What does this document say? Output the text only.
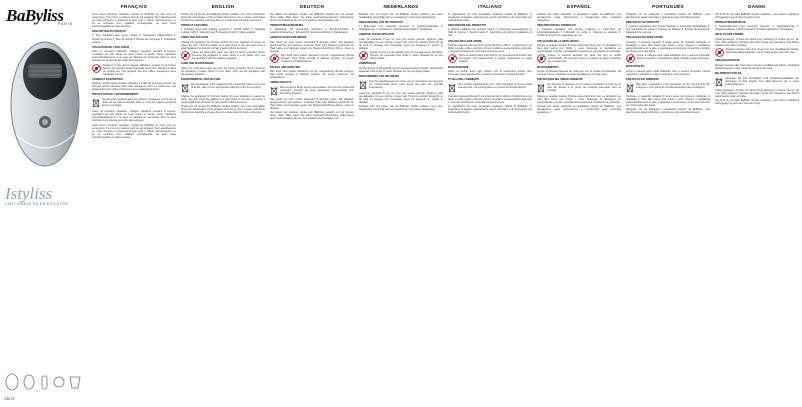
BaByliss
PARIS
Istyliss
LADY SHAVE PILES EPILATOR
G817E
FRANÇAIS

Vous venez d'acheter l'épilateur Istyliss de BaByliss et nous vous en remercions. Pour tirer le meilleur parti de cet appareil, lisez attentivement ce mode d'emploi et conservez-le pour vous y référer ultérieurement. Le kit se compose d'un épilateur rechargeable, de deux têtes interchangeables et d'accessoires.

DESCRIPTION DU PRODUIT

1. Tête d'épilation avec pince rotative 2. Interrupteur Marche/Arrêt 3. Voyant de charge 4. Tête de rasage 5. Brosse de nettoyage 6. Adaptateur secteur

UTILISATION DE L'ÉPILATEUR

Avant la première utilisation, chargez l'appareil pendant 8 heures. L'épilation est plus facile sur peau propre et sèche. Tenez l'épilateur perpendiculairement à la peau et déplacez-le lentement dans le sens contraire de la pousse des poils sans appuyer.

Nettoyez la tête après chaque utilisation à l'aide de la brosse fournie. Ne plongez jamais l'appareil dans l'eau. Rangez-le dans un endroit sec. Cet appareil doit être utilisé uniquement avec l'adaptateur fourni.

CONSEILS D'ENTRETIEN

Nettoyez la tête après chaque utilisation à l'aide de la brosse fournie. Ne plongez jamais l'appareil dans l'eau. Rangez-le dans un endroit sec. Cet appareil doit être utilisé uniquement avec l'adaptateur fourni.

PROTECTION DE L'ENVIRONNEMENT

Ne pas jeter l'appareil avec les ordures ménagères à la fin de sa durée de vie mais le déposer dans un point de collecte approprié pour le recyclage.

Avant la première utilisation, chargez l'appareil pendant 8 heures. L'épilation est plus facile sur peau propre et sèche. Tenez l'épilateur perpendiculairement à la peau et déplacez-le lentement dans le sens contraire de la pousse des poils sans appuyer.

Vous venez d'acheter l'épilateur Istyliss de BaByliss et nous vous en remercions. Pour tirer le meilleur parti de cet appareil, lisez attentivement ce mode d'emploi et conservez-le pour vous y référer ultérieurement. Le kit se compose d'un épilateur rechargeable, de deux têtes interchangeables et d'accessoires.

ENGLISH

Thank you for buying the BaByliss Istyliss epilator. For more information about the advantages of this product and how to use it, please read these instructions carefully and keep them in a safe place for future reference.

PRODUCT FEATURES

1. Epilating head with rotating tweezers 2. On/Off switch 3. Charging indicator light 4. Shaving head 5. Cleaning brush 6. Mains adaptor

USING THE EPILATOR

Charge the appliance for 8 hours before first use. Epilation is easier on clean, dry skin. Hold the epilator at a right angle to the skin and move it slowly against the direction of hair growth without pressing.

Clean the head after each use with the brush provided. Never immerse the appliance in water. Store in a dry place. Only use the appliance with the adaptor supplied.

CARE AND MAINTENANCE

Clean the head after each use with the brush provided. Never immerse the appliance in water. Store in a dry place. Only use the appliance with the adaptor supplied.

ENVIRONMENTAL PROTECTION

Do not dispose of the appliance with household waste at the end of its life; take it to an appropriate collection point for recycling.

Charge the appliance for 8 hours before first use. Epilation is easier on clean, dry skin. Hold the epilator at a right angle to the skin and move it slowly against the direction of hair growth without pressing.

Thank you for buying the BaByliss Istyliss epilator. For more information about the advantages of this product and how to use it, please read these instructions carefully and keep them in a safe place for future reference.

DEUTSCH

Sie haben den Epilierer Istyliss von BaByliss gekauft und wir danken Ihnen dafür. Bitte lesen Sie diese Gebrauchsanweisung aufmerksam durch und bewahren Sie sie zum späteren Nachschlagen auf.

PRODUKTBESCHREIBUNG

1. Epilierkopf mit rotierenden Pinzetten 2. Ein/Aus-Schalter 3. Ladekontrollleuchte 4. Scherkopf 5. Reinigungsbürste 6. Netzadapter

GEBRAUCH DES EPILIERERS

Das Gerät vor dem ersten Gebrauch 8 Stunden laden. Die Epilation gelingt leichter auf sauberer, trockener Haut. Den Epilierer senkrecht zur Haut halten und langsam gegen die Haarwuchsrichtung führen, ohne zu drücken.

Den Kopf nach jedem Gebrauch mit der mitgelieferten Bürste reinigen. Das Gerät niemals in Wasser tauchen. An einem trockenen Ort aufbewahren.

PFLEGE UND WARTUNG

Den Kopf nach jedem Gebrauch mit der mitgelieferten Bürste reinigen. Das Gerät niemals in Wasser tauchen. An einem trockenen Ort aufbewahren.

UMWELTSCHUTZ

Das Gerät am Ende seiner Lebensdauer nicht mit dem Hausmüll entsorgen, sondern bei einer geeigneten Sammelstelle zum Recycling abgeben.

Das Gerät vor dem ersten Gebrauch 8 Stunden laden. Die Epilation gelingt leichter auf sauberer, trockener Haut. Den Epilierer senkrecht zur Haut halten und langsam gegen die Haarwuchsrichtung führen, ohne zu drücken.

Sie haben den Epilierer Istyliss von BaByliss gekauft und wir danken Ihnen dafür. Bitte lesen Sie diese Gebrauchsanweisung aufmerksam durch und bewahren Sie sie zum späteren Nachschlagen auf.

NEDERLANDS

Bedankt voor het kopen van de BaByliss Istyliss epilator. Lees deze handleiding zorgvuldig door en bewaar hem voor latere raadpleging.

BESCHRIJVING VAN HET PRODUCT

1. Epileerkop met roterende pincetten 2. Aan/uit-schakelaar 3. Oplaadlampje 4. Scheerkop 5. Reinigingsborsteltje 6. Netadapter

GEBRUIK VAN DE EPILATOR

Laad het apparaat 8 uur op voor het eerste gebruik. Epileren gaat gemakkelijker op een schone, droge huid. Houd de epilator loodrecht op de huid en beweeg hem langzaam tegen de haargroei in zonder te drukken.

Reinig de kop na elk gebruik met het meegeleverde borsteltje. Dompel het apparaat nooit onder in water. Bewaar het op een droge plaats.

ONDERHOUD

Reinig de kop na elk gebruik met het meegeleverde borsteltje. Dompel het apparaat nooit onder in water. Bewaar het op een droge plaats.

BESCHERMING VAN HET MILIEU

Gooi het apparaat aan het einde van de levensduur niet weg met het huishoudelijk afval, maar breng het naar een geschikt inzamelpunt.

Laad het apparaat 8 uur op voor het eerste gebruik. Epileren gaat gemakkelijker op een schone, droge huid. Houd de epilator loodrecht op de huid en beweeg hem langzaam tegen de haargroei in zonder te drukken.

Bedankt voor het kopen van de BaByliss Istyliss epilator. Lees deze handleiding zorgvuldig door en bewaar hem voor latere raadpleging.

ITALIANO

Vi ringraziamo per aver acquistato l'epilatore Istyliss di BaByliss. Vi preghiamo di leggere attentamente queste istruzioni e di conservarle per consultazioni future.

DESCRIZIONE DEL PRODOTTO

1. Testina epilatrice con pinzette rotanti 2. Interruttore acceso/spento 3. Spia di ricarica 4. Testina rasoio 5. Spazzolina di pulizia 6. Adattatore di rete

UTILIZZO DELL'EPILATORE

Caricare l'apparecchio per 8 ore prima del primo utilizzo. L'epilazione è più facile su pelle pulita e asciutta. Tenere l'epilatore perpendicolare alla pelle e muoverlo lentamente contropelo senza premere.

Pulire la testina dopo ogni utilizzo con la spazzolina fornita. Non immergere mai l'apparecchio in acqua. Conservare in luogo asciutto.

MANUTENZIONE

Pulire la testina dopo ogni utilizzo con la spazzolina fornita. Non immergere mai l'apparecchio in acqua. Conservare in luogo asciutto.

TUTELA DELL'AMBIENTE

Non smaltire l'apparecchio con i rifiuti domestici al termine della sua vita utile, ma consegnarlo a un centro di raccolta idoneo.

Caricare l'apparecchio per 8 ore prima del primo utilizzo. L'epilazione è più facile su pelle pulita e asciutta. Tenere l'epilatore perpendicolare alla pelle e muoverlo lentamente contropelo senza premere.

Vi ringraziamo per aver acquistato l'epilatore Istyliss di BaByliss. Vi preghiamo di leggere attentamente queste istruzioni e di conservarle per consultazioni future.

ESPAÑOL

Gracias por haber adquirido la depiladora Istyliss de BaByliss. Lea atentamente estas instrucciones y consérvelas para consultas posteriores.

DESCRIPCIÓN DEL PRODUCTO

1. Cabezal depilador con pinzas rotativas 2. Interruptor de encendido/apagado 3. Indicador de carga 4. Cabezal de afeitado 5. Cepillo de limpieza 6. Adaptador de red

UTILIZACIÓN DE LA DEPILADORA

Cargue el aparato durante 8 horas antes del primer uso. La depilación es más fácil sobre piel limpia y seca. Sostenga la depiladora en perpendicular a la piel y desplácela lentamente a contrapelo sin presionar.

Limpie el cabezal después de cada uso con el cepillo suministrado. No sumerja nunca el aparato en agua. Guárdelo en un lugar seco.

MANTENIMIENTO

Limpie el cabezal después de cada uso con el cepillo suministrado. No sumerja nunca el aparato en agua. Guárdelo en un lugar seco.

PROTECCIÓN DEL MEDIO AMBIENTE

No deseche el aparato con la basura doméstica al final de su vida útil; llévelo a un punto de recogida adecuado para su reciclaje.

Cargue el aparato durante 8 horas antes del primer uso. La depilación es más fácil sobre piel limpia y seca. Sostenga la depiladora en perpendicular a la piel y desplácela lentamente a contrapelo sin presionar.

Gracias por haber adquirido la depiladora Istyliss de BaByliss. Lea atentamente estas instrucciones y consérvelas para consultas posteriores.

PORTUGUÊS

Obrigado por ter adquirido a depiladora Istyliss da BaByliss. Leia atentamente estas instruções e guarde-as para consultas futuras.

DESCRIÇÃO DO PRODUTO

1. Cabeça depiladora com pinças rotativas 2. Interruptor ligar/desligar 3. Luz indicadora de carga 4. Cabeça de barbear 5. Escova de limpeza 6. Adaptador de corrente

UTILIZAÇÃO DA DEPILADORA

Carregue o aparelho durante 8 horas antes da primeira utilização. A depilação é mais fácil numa pele limpa e seca. Segure a depiladora perpendicularmente à pele e desloque-a lentamente no sentido contrário ao crescimento dos pelos.

Limpe a cabeça após cada utilização com a escova fornecida. Nunca mergulhe o aparelho em água. Guarde-o num local seco.

MANUTENÇÃO

Limpe a cabeça após cada utilização com a escova fornecida. Nunca mergulhe o aparelho em água. Guarde-o num local seco.

PROTEÇÃO DO AMBIENTE

Não deite o aparelho no lixo doméstico no fim da sua vida útil; entregue-o num ponto de recolha adequado para reciclagem.

Carregue o aparelho durante 8 horas antes da primeira utilização. A depilação é mais fácil numa pele limpa e seca. Segure a depiladora perpendicularmente à pele e desloque-a lentamente no sentido contrário ao crescimento dos pelos.

Obrigado por ter adquirido a depiladora Istyliss da BaByliss. Leia atentamente estas instruções e guarde-as para consultas futuras.

DANSK

Tak fordi du har købt BaByliss Istyliss epilatoren. Læs denne vejledning omhyggeligt og gem den til senere brug.

PRODUKTBESKRIVELSE

1. Epileringshoved med roterende pincetter 2. Tænd/sluk-knap 3. Opladningslampe 4. Barberhoved 5. Rengøringsbørste 6. Netadapter

BRUG AF EPILATOREN

Oplad apparatet i 8 timer før første brug. Epilering er lettere på ren, tør hud. Hold epilatoren vinkelret på huden og før den langsomt mod hårets vækstretning uden at trykke.

Rengør hovedet efter hver brug med den medfølgende børste. Nedsænk aldrig apparatet i vand. Opbevar det på et tørt sted.

VEDLIGEHOLDELSE

Rengør hovedet efter hver brug med den medfølgende børste. Nedsænk aldrig apparatet i vand. Opbevar det på et tørt sted.

MILJØBESKYTTELSE

Apparatet må ikke bortskaffes med husholdningsaffaldet ved slutningen af dets levetid, men skal afleveres på et egnet indsamlingssted.

Oplad apparatet i 8 timer før første brug. Epilering er lettere på ren, tør hud. Hold epilatoren vinkelret på huden og før den langsomt mod hårets vækstretning uden at trykke.

Tak fordi du har købt BaByliss Istyliss epilatoren. Læs denne vejledning omhyggeligt og gem den til senere brug.
